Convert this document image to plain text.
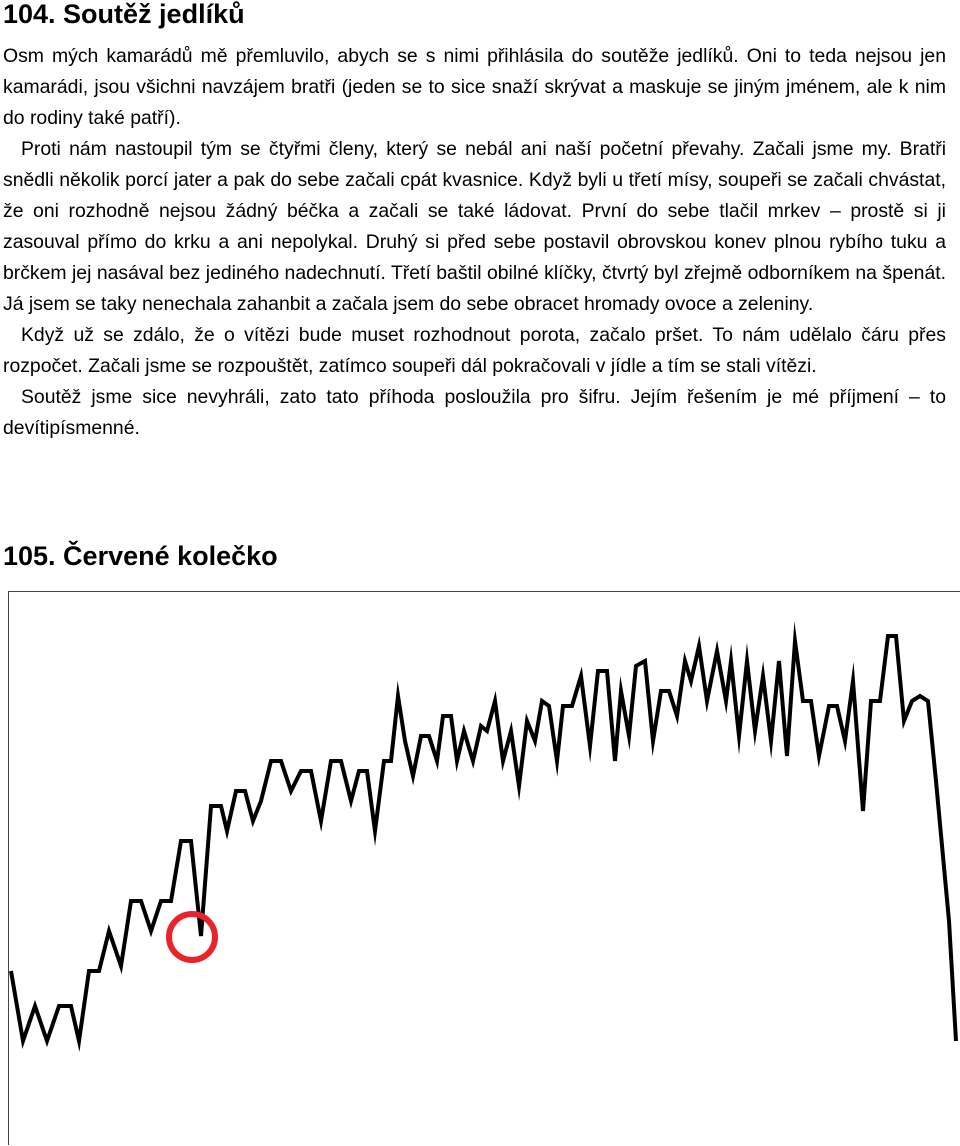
104. Soutěž jedlíků

Osm mých kamarádů mě přemluvilo, abych se s nimi přihlásila do soutěže jedlíků. Oni to teda nejsou jen kamarádi, jsou všichni navzájem bratři (jeden se to sice snaží skrývat a maskuje se jiným jménem, ale k nim do rodiny také patří).

Proti nám nastoupil tým se čtyřmi členy, který se nebál ani naší početní převahy. Začali jsme my. Bratři snědli několik porcí jater a pak do sebe začali cpát kvasnice. Když byli u třetí mísy, soupeři se začali chvástat, že oni rozhodně nejsou žádný béčka a začali se také ládovat. První do sebe tlačil mrkev – prostě si ji zasouval přímo do krku a ani nepolykal. Druhý si před sebe postavil obrovskou konev plnou rybího tuku a brčkem jej nasával bez jediného nadechnutí. Třetí baštil obilné klíčky, čtvrtý byl zřejmě odborníkem na špenát. Já jsem se taky nenechala zahanbit a začala jsem do sebe obracet hromady ovoce a zeleniny.

Když už se zdálo, že o vítězi bude muset rozhodnout porota, začalo pršet. To nám udělalo čáru přes rozpočet. Začali jsme se rozpouštět, zatímco soupeři dál pokračovali v jídle a tím se stali vítězi.

Soutěž jsme sice nevyhráli, zato tato příhoda posloužila pro šifru. Jejím řešením je mé příjmení – to devítipísmenné.

105. Červené kolečko
